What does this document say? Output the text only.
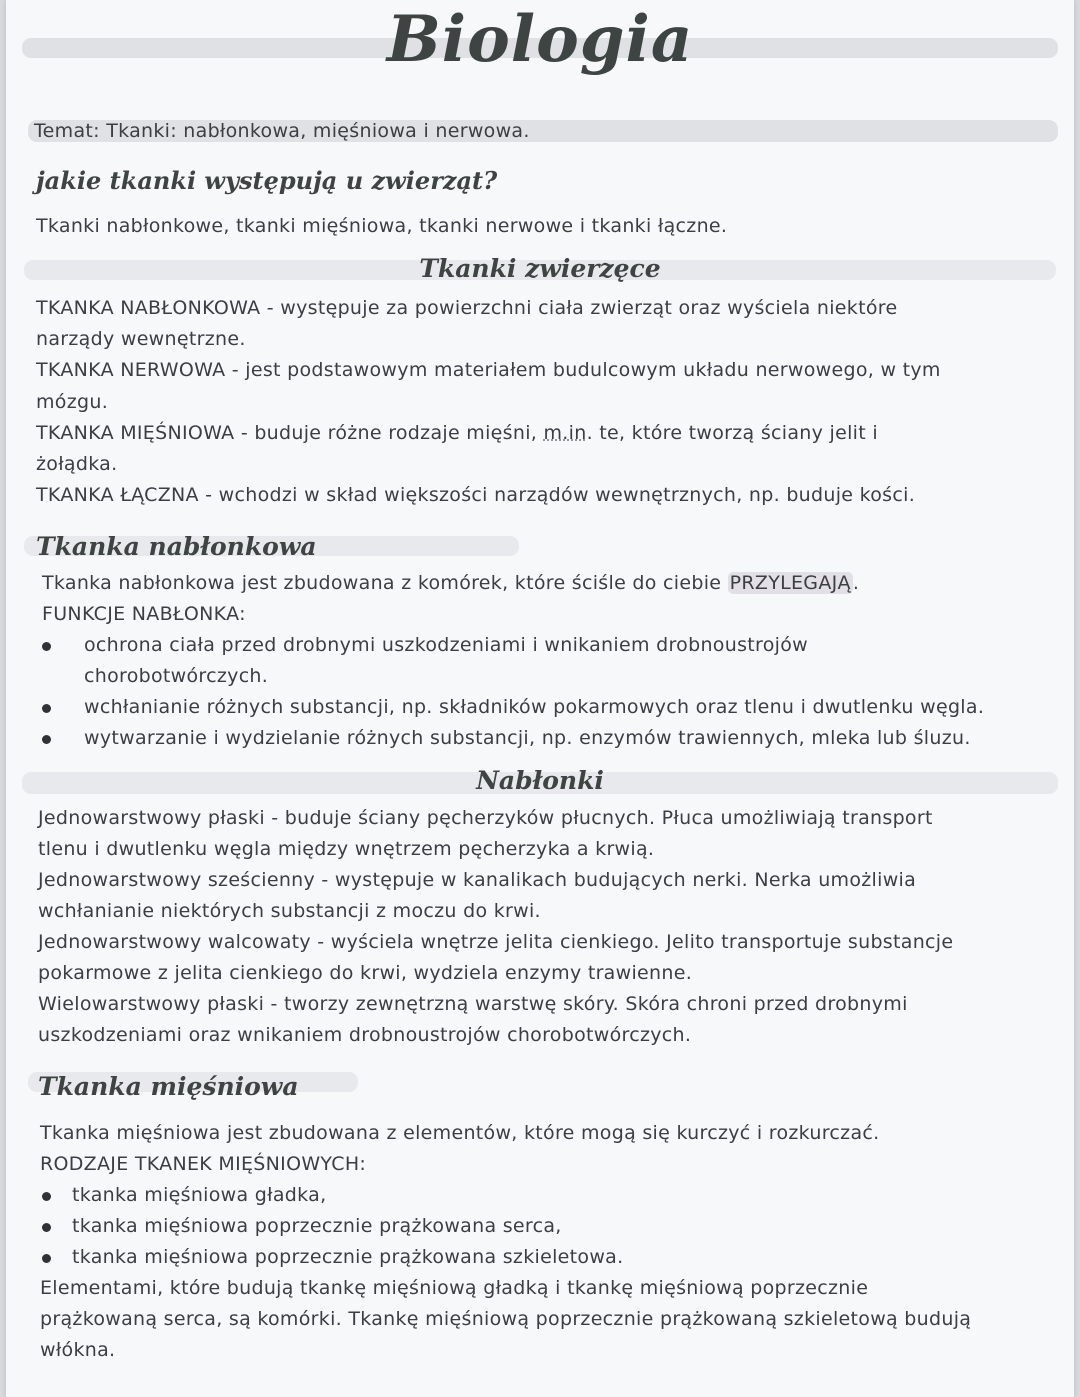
Biologia
Temat: Tkanki: nabłonkowa, mięśniowa i nerwowa.
jakie tkanki występują u zwierząt?
Tkanki nabłonkowe, tkanki mięśniowa, tkanki nerwowe i tkanki łączne.
Tkanki zwierzęce
TKANKA NABŁONKOWA - występuje za powierzchni ciała zwierząt oraz wyściela niektóre
narządy wewnętrzne.
TKANKA NERWOWA - jest podstawowym materiałem budulcowym układu nerwowego, w tym
mózgu.
TKANKA MIĘŚNIOWA - buduje różne rodzaje mięśni, m.in. te, które tworzą ściany jelit i
żołądka.
TKANKA ŁĄCZNA - wchodzi w skład większości narządów wewnętrznych, np. buduje kości.
Tkanka nabłonkowa
Tkanka nabłonkowa jest zbudowana z komórek, które ściśle do ciebie PRZYLEGAJĄ .
FUNKCJE NABŁONKA:
ochrona ciała przed drobnymi uszkodzeniami i wnikaniem drobnoustrojów
chorobotwórczych.
wchłanianie różnych substancji, np. składników pokarmowych oraz tlenu i dwutlenku węgla.
wytwarzanie i wydzielanie różnych substancji, np. enzymów trawiennych, mleka lub śluzu.
Nabłonki
Jednowarstwowy płaski - buduje ściany pęcherzyków płucnych. Płuca umożliwiają transport
tlenu i dwutlenku węgla między wnętrzem pęcherzyka a krwią.
Jednowarstwowy sześcienny - występuje w kanalikach budujących nerki. Nerka umożliwia
wchłanianie niektórych substancji z moczu do krwi.
Jednowarstwowy walcowaty - wyściela wnętrze jelita cienkiego. Jelito transportuje substancje
pokarmowe z jelita cienkiego do krwi, wydziela enzymy trawienne.
Wielowarstwowy płaski - tworzy zewnętrzną warstwę skóry. Skóra chroni przed drobnymi
uszkodzeniami oraz wnikaniem drobnoustrojów chorobotwórczych.
Tkanka mięśniowa
Tkanka mięśniowa jest zbudowana z elementów, które mogą się kurczyć i rozkurczać.
RODZAJE TKANEK MIĘŚNIOWYCH:
tkanka mięśniowa gładka,
tkanka mięśniowa poprzecznie prążkowana serca,
tkanka mięśniowa poprzecznie prążkowana szkieletowa.
Elementami, które budują tkankę mięśniową gładką i tkankę mięśniową poprzecznie
prążkowaną serca, są komórki. Tkankę mięśniową poprzecznie prążkowaną szkieletową budują
włókna.
